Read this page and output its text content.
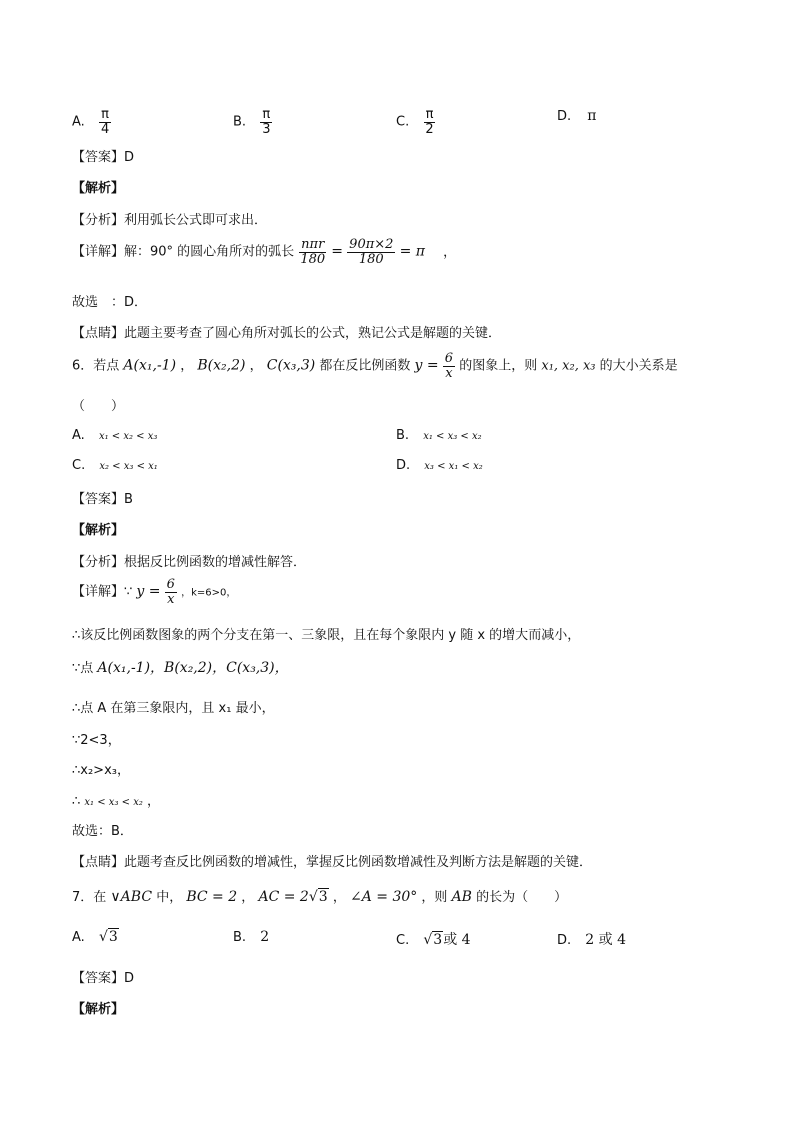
A. $\frac{\pi}{4}$	B. $\frac{\pi}{3}$	C. $\frac{\pi}{2}$	D. π
【答案】D
【解析】
【分析】利用弧长公式即可求出．
【详解】解：90° 的圆心角所对的弧长 $\frac{\text{nπr}}{180} = \frac{90\pi\times 2}{180} = \pi$ ，
故选　：D．
【点睛】此题主要考查了圆心角所对弧长的公式，熟记公式是解题的关键．
6．若点 A(x₁,-1) ， B(x₂,2) ， C(x₃,3) 都在反比例函数 $y = \frac{6}{x}$ 的图象上，则 x₁, x₂, x₃ 的大小关系是
（　　）
A. x₁ < x₂ < x₃	B. x₁ < x₃ < x₂
C. x₂ < x₃ < x₁	D. x₃ < x₁ < x₂
【答案】B
【解析】
【分析】根据反比例函数的增减性解答．
【详解】∵ $y = \frac{6}{x}$ ，k=6>0，
∴该反比例函数图象的两个分支在第一、三象限，且在每个象限内 y 随 x 的增大而减小，
∵点 A(x₁,-1)，B(x₂,2)，C(x₃,3)，
∴点 A 在第三象限内，且 x₁ 最小，
∵2<3，
∴x₂>x₃，
∴ x₁ < x₃ < x₂ ，
故选：B．
【点睛】此题考查反比例函数的增减性，掌握反比例函数增减性及判断方法是解题的关键．
7．在 ∨ABC 中， BC = 2 ， AC = 2√3 ， ∠A = 30° ，则 AB 的长为（　　）
A. √3	B. 2	C. √3或 4	D. 2 或 4
【答案】D
【解析】
